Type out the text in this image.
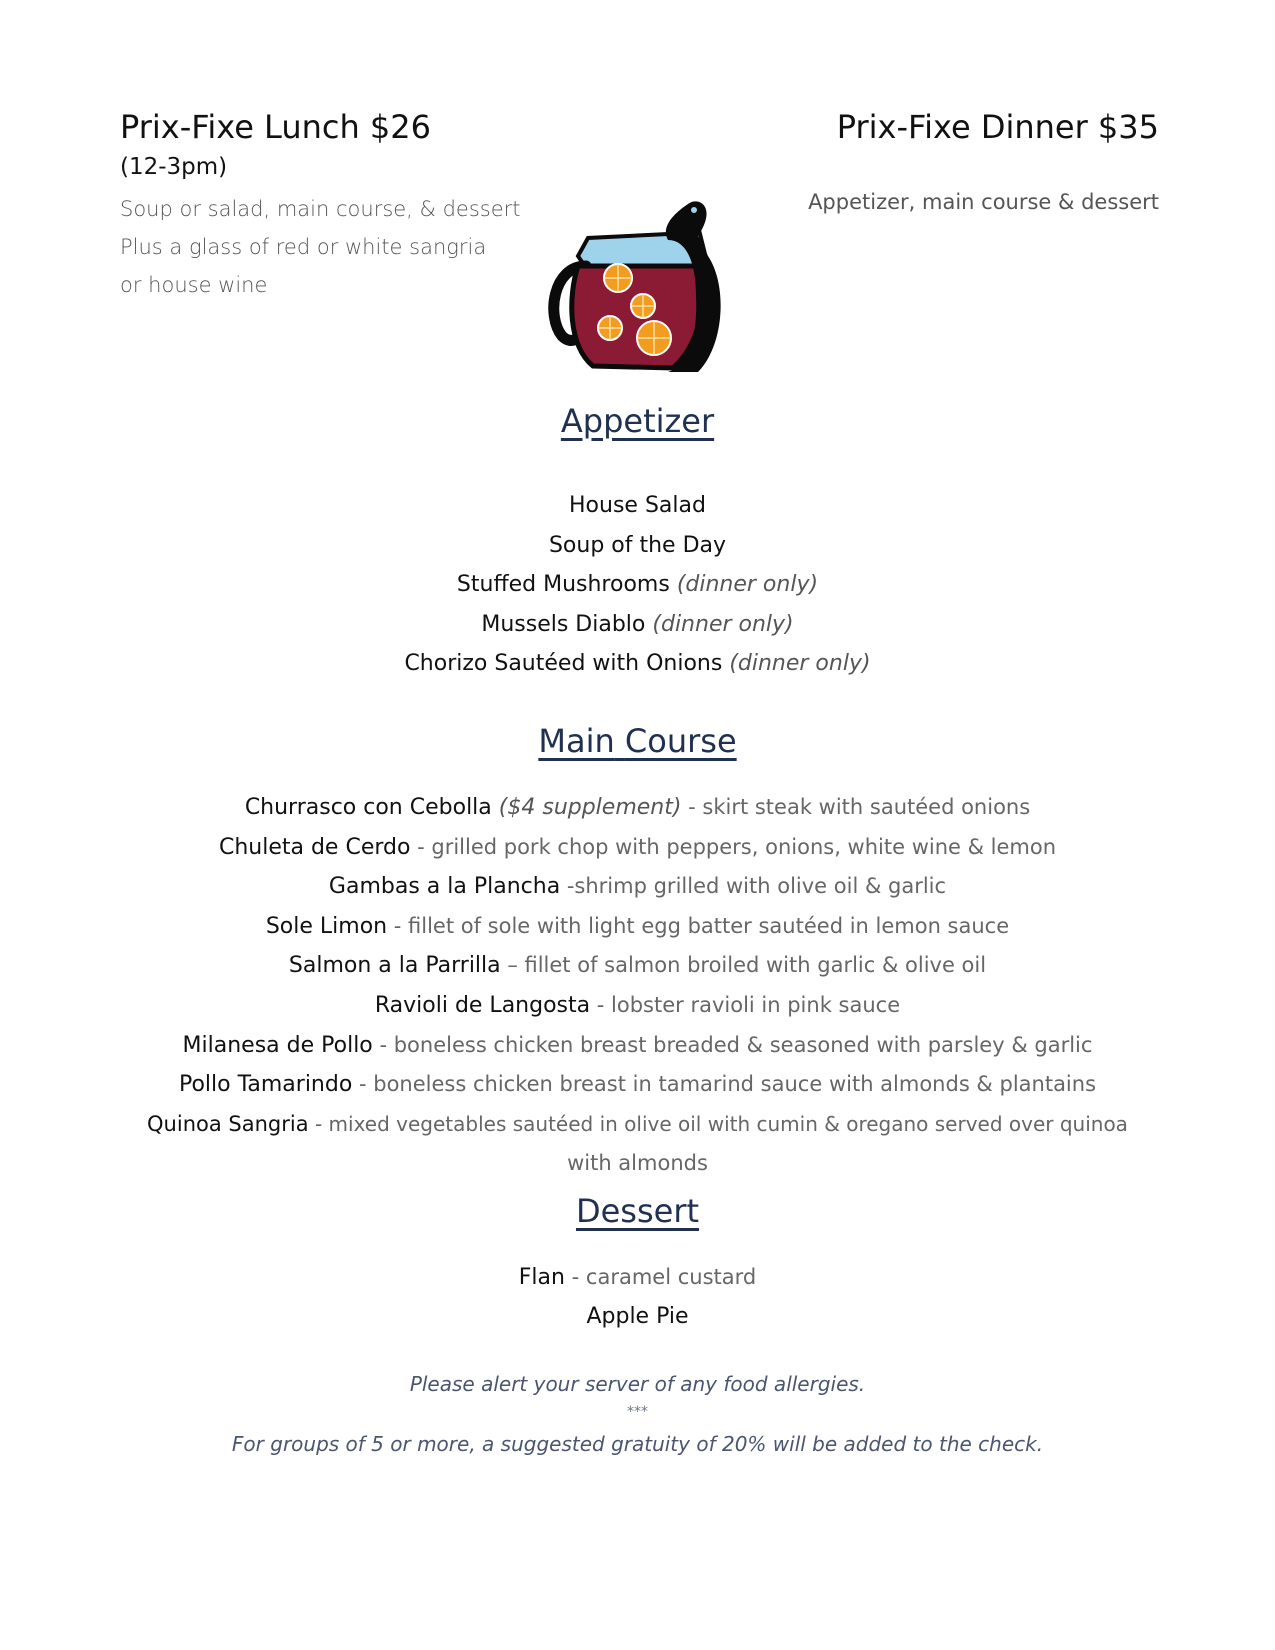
Prix-Fixe Lunch $26
(12-3pm)
Soup or salad, main course, & dessert
Plus a glass of red or white sangria
or house wine
Prix-Fixe Dinner $35
Appetizer, main course & dessert
Appetizer
House Salad
Soup of the Day
Stuffed Mushrooms (dinner only)
Mussels Diablo (dinner only)
Chorizo Sautéed with Onions (dinner only)
Main Course
Churrasco con Cebolla ($4 supplement) - skirt steak with sautéed onions
Chuleta de Cerdo - grilled pork chop with peppers, onions, white wine & lemon
Gambas a la Plancha -shrimp grilled with olive oil & garlic
Sole Limon - fillet of sole with light egg batter sautéed in lemon sauce
Salmon a la Parrilla – fillet of salmon broiled with garlic & olive oil
Ravioli de Langosta - lobster ravioli in pink sauce
Milanesa de Pollo - boneless chicken breast breaded & seasoned with parsley & garlic
Pollo Tamarindo - boneless chicken breast in tamarind sauce with almonds & plantains
Quinoa Sangria - mixed vegetables sautéed in olive oil with cumin & oregano served over quinoa
with almonds
Dessert
Flan - caramel custard
Apple Pie
Please alert your server of any food allergies.
***
For groups of 5 or more, a suggested gratuity of 20% will be added to the check.
